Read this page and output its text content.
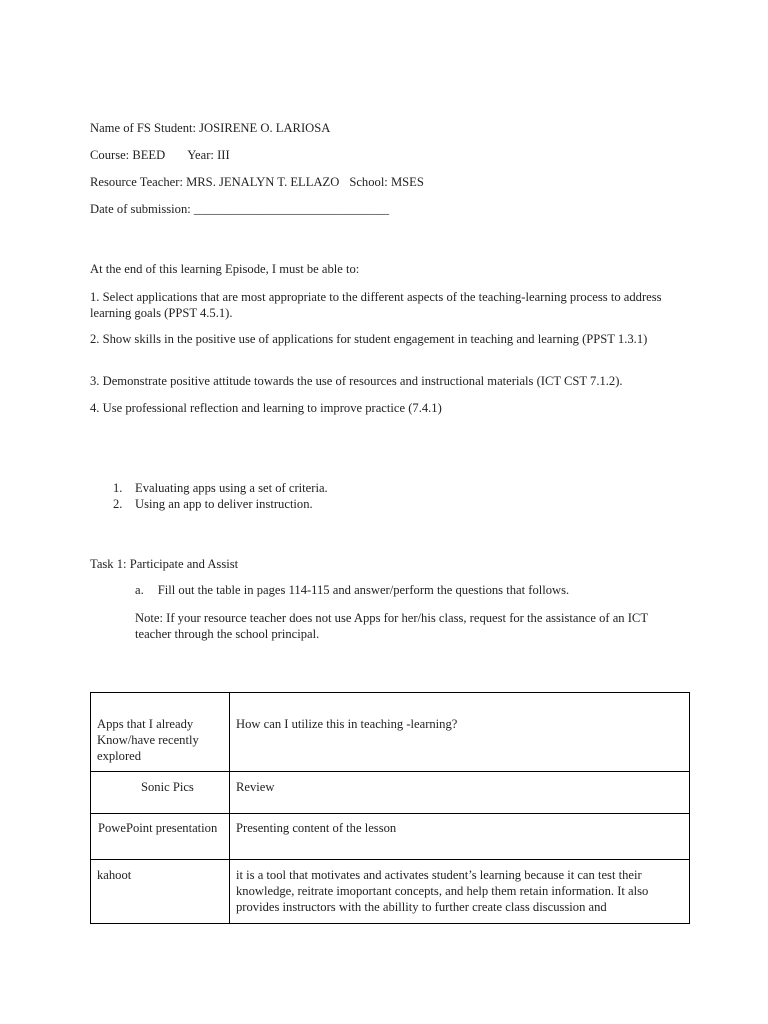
Name of FS Student: JOSIRENE O. LARIOSA
Course: BEED Year: III
Resource Teacher: MRS. JENALYN T. ELLAZO School: MSES
Date of submission: _______________________________
At the end of this learning Episode, I must be able to:
1. Select applications that are most appropriate to the different aspects of the teaching-learning process to address learning goals (PPST 4.5.1).
2. Show skills in the positive use of applications for student engagement in teaching and learning (PPST 1.3.1)
3. Demonstrate positive attitude towards the use of resources and instructional materials (ICT CST 7.1.2).
4. Use professional reflection and learning to improve practice (7.4.1)
1. Evaluating apps using a set of criteria.
2. Using an app to deliver instruction.
Task 1: Participate and Assist
a. Fill out the table in pages 114-115 and answer/perform the questions that follows.
Note: If your resource teacher does not use Apps for her/his class, request for the assistance of an ICT teacher through the school principal.
Apps that I already Know/have recently explored	How can I utilize this in teaching -learning?
Sonic Pics	Review
PowePoint presentation	Presenting content of the lesson
kahoot	it is a tool that motivates and activates student’s learning because it can test their knowledge, reitrate imoportant concepts, and help them retain information. It also provides instructors with the abillity to further create class discussion and
